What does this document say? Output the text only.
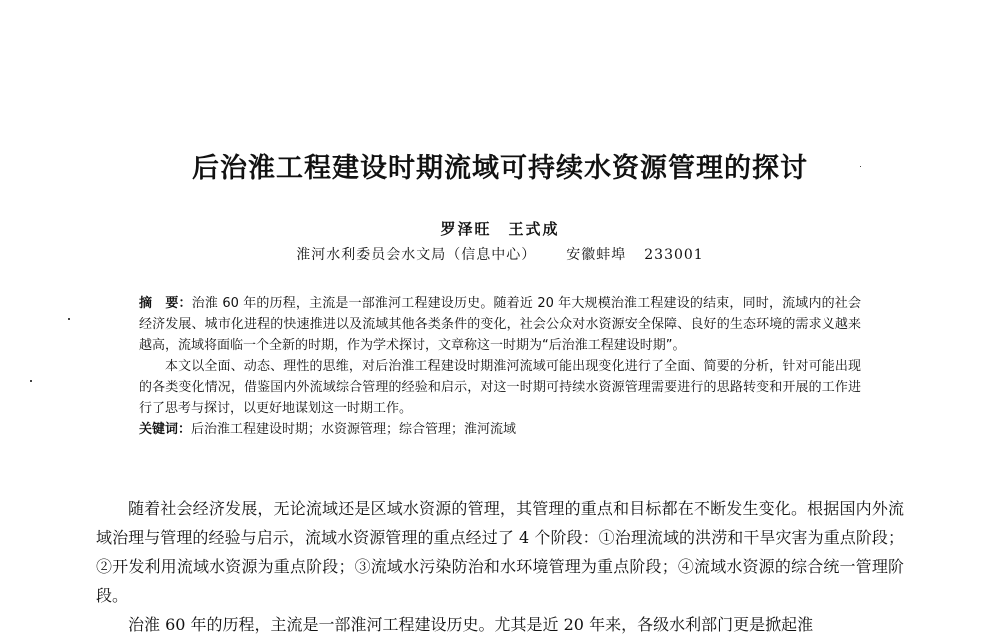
后治淮工程建设时期流域可持续水资源管理的探讨
罗泽旺　王式成
淮河水利委员会水文局（信息中心） 安徽蚌埠 233001

摘　要：治淮 60 年的历程，主流是一部淮河工程建设历史。随着近 20 年大规模治淮工程建设的结束，同时，流域内的社会经济发展、城市化进程的快速推进以及流域其他各类条件的变化，社会公众对水资源安全保障、良好的生态环境的需求义越来越高，流域将面临一个全新的时期，作为学术探讨，文章称这一时期为“后治淮工程建设时期”。

本文以全面、动态、理性的思维，对后治淮工程建设时期淮河流域可能出现变化进行了全面、简要的分析，针对可能出现的各类变化情况，借鉴国内外流域综合管理的经验和启示，对这一时期可持续水资源管理需要进行的思路转变和开展的工作进行了思考与探讨，以更好地谋划这一时期工作。

关键词：后治淮工程建设时期；水资源管理；综合管理；淮河流域

随着社会经济发展，无论流域还是区域水资源的管理，其管理的重点和目标都在不断发生变化。根据国内外流域治理与管理的经验与启示，流域水资源管理的重点经过了 4 个阶段：①治理流域的洪涝和干旱灾害为重点阶段；②开发利用流域水资源为重点阶段；③流域水污染防治和水环境管理为重点阶段；④流域水资源的综合统一管理阶段。

治淮 60 年的历程，主流是一部淮河工程建设历史。尤其是近 20 年来，各级水利部门更是掀起淮
